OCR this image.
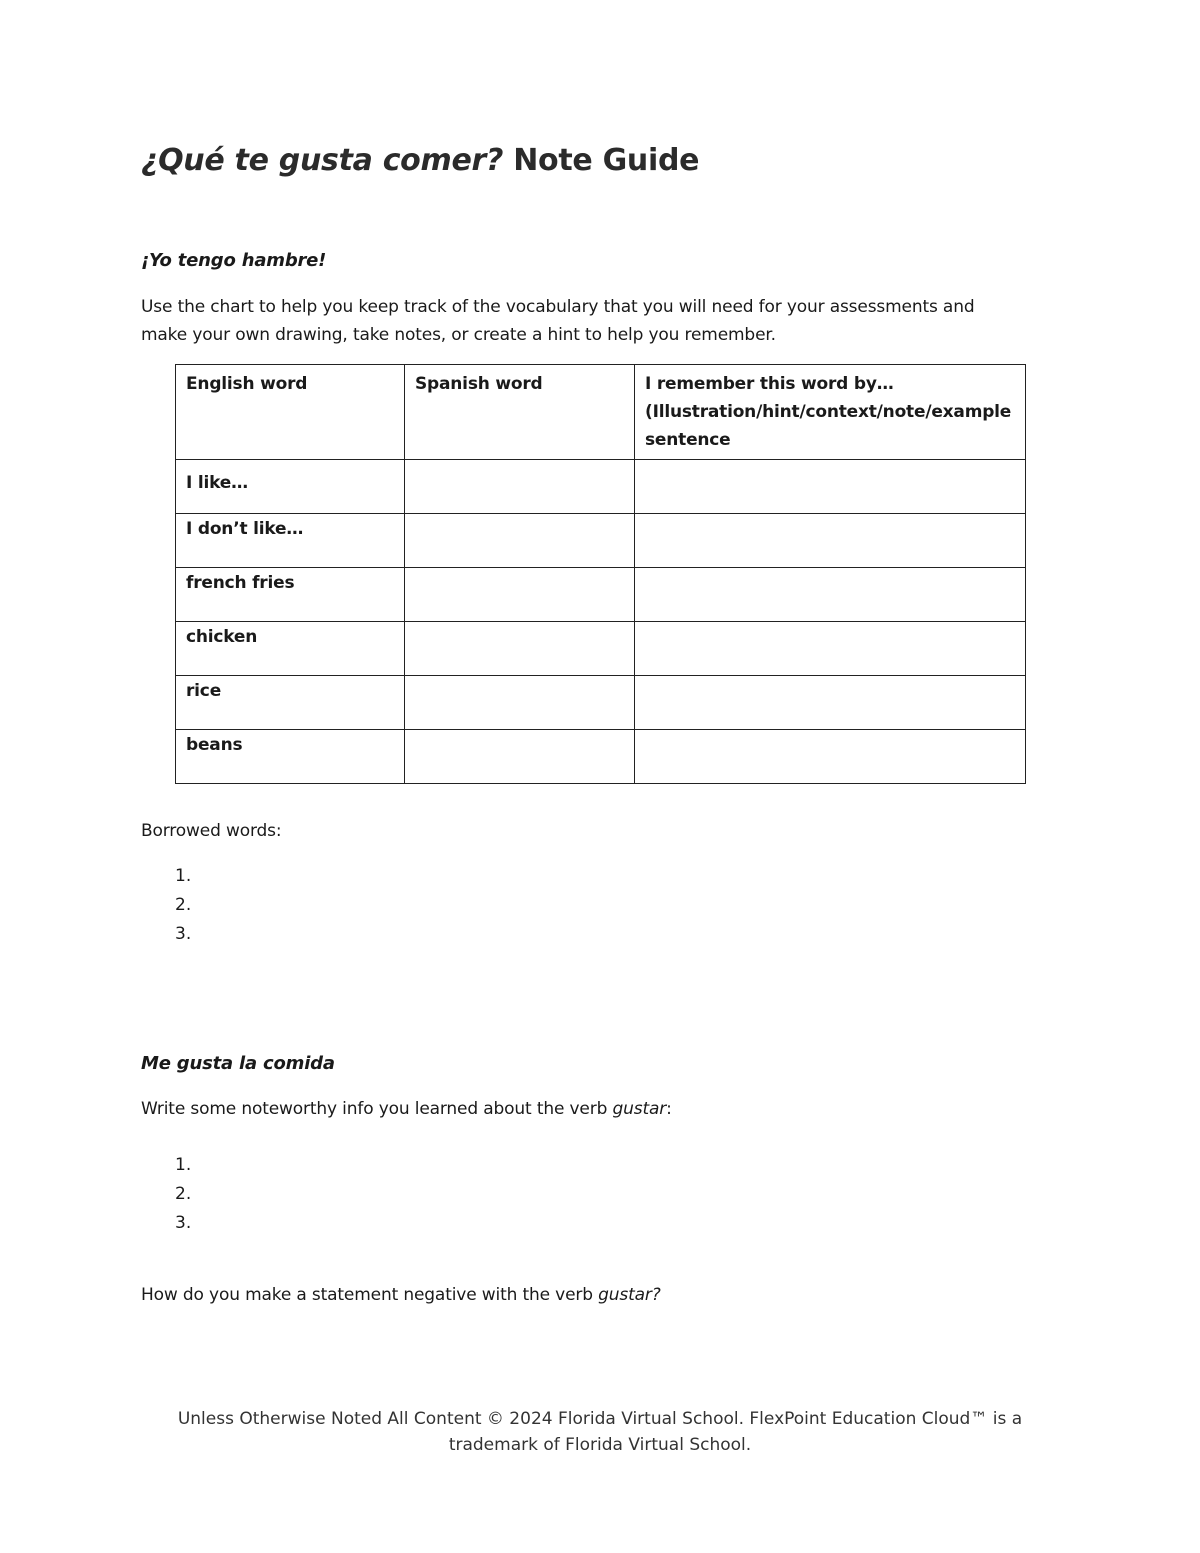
¿Qué te gusta comer? Note Guide
¡Yo tengo hambre!
Use the chart to help you keep track of the vocabulary that you will need for your assessments and
make your own drawing, take notes, or create a hint to help you remember.
English word	Spanish word	I remember this word by… (Illustration/hint/context/note/example sentence
I like…		
I don’t like…		
french fries		
chicken		
rice		
beans		
Borrowed words:
1.
2.
3.
Me gusta la comida
Write some noteworthy info you learned about the verb gustar:
1.
2.
3.
How do you make a statement negative with the verb gustar?
Unless Otherwise Noted All Content © 2024 Florida Virtual School. FlexPoint Education Cloud™ is a
trademark of Florida Virtual School.
